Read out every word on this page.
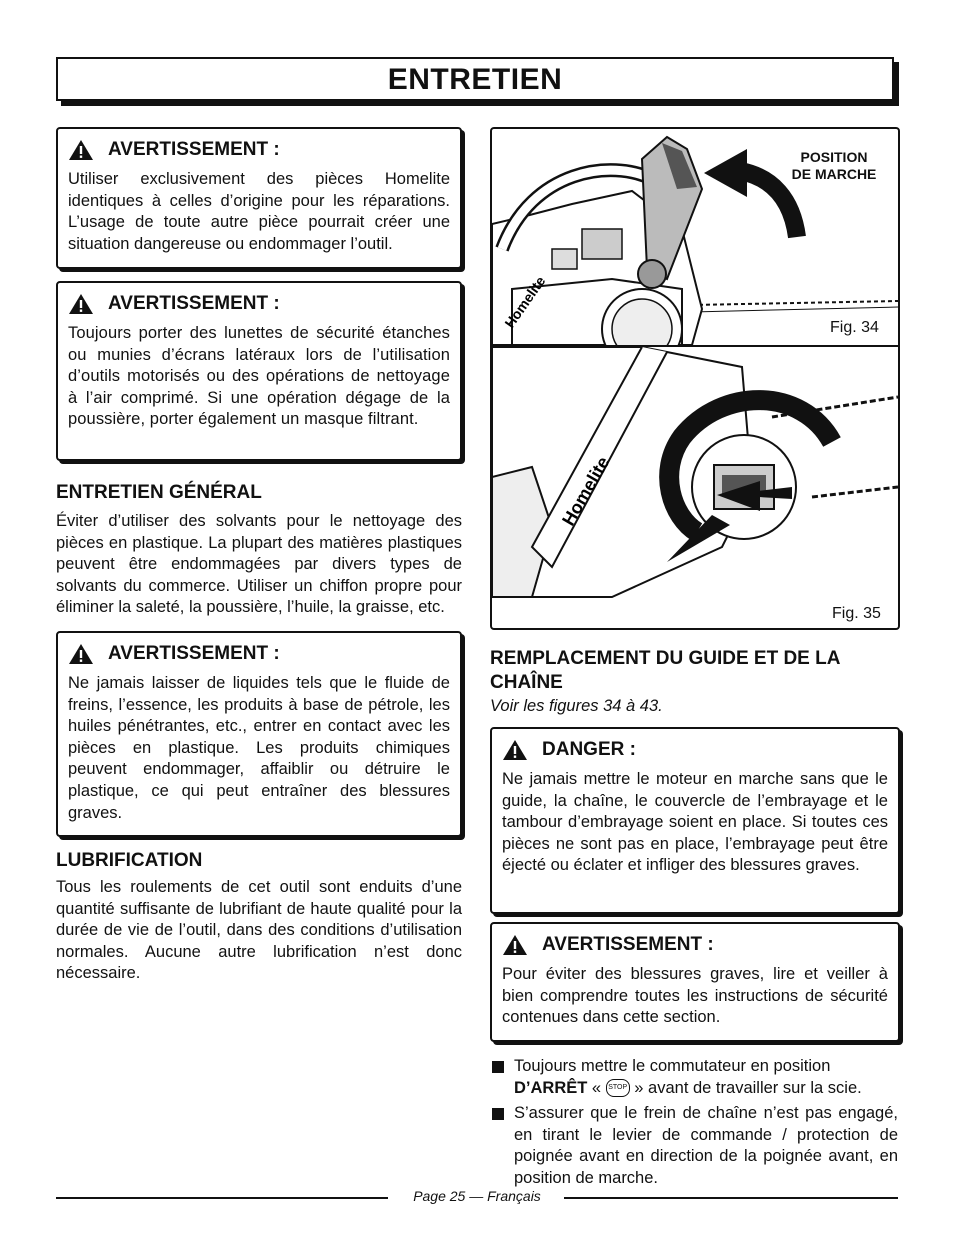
ENTRETIEN
AVERTISSEMENT :
Utiliser exclusivement des pièces Homelite identiques à celles d’origine pour les réparations. L’usage de toute autre pièce pourrait créer une situation dangereuse ou endommager l’outil.
AVERTISSEMENT :
Toujours porter des lunettes de sécurité étanches ou munies d’écrans latéraux lors de l’utilisation d’outils motorisés ou des opérations de nettoyage à l’air comprimé. Si une opération dégage de la poussière, porter également un masque filtrant.
ENTRETIEN GÉNÉRAL
Éviter d’utiliser des solvants pour le nettoyage des pièces en plastique. La plupart des matières plastiques peuvent être endommagées par divers types de solvants du commerce. Utiliser un chiffon propre pour éliminer la saleté, la poussière, l’huile, la graisse, etc.
AVERTISSEMENT :
Ne jamais laisser de liquides tels que le fluide de freins, l’essence, les produits à base de pétrole, les huiles pénétrantes, etc., entrer en contact avec les pièces en plastique. Les produits chimiques peuvent endommager, affaiblir ou détruire le plastique, ce qui peut entraîner des blessures graves.
LUBRIFICATION
Tous les roulements de cet outil sont enduits d’une quantité suffisante de lubrifiant de haute qualité pour la durée de vie de l’outil, dans des conditions d’utilisation normales. Aucune autre lubrification n’est donc nécessaire.
Homelite
POSITION
DE MARCHE
Fig. 34
Homelite
Fig. 35
REMPLACEMENT DU GUIDE ET DE LA CHAÎNE
Voir les figures 34 à 43.
DANGER :
Ne jamais mettre le moteur en marche sans que le guide, la chaîne, le couvercle de l’embrayage et le tambour d’embrayage soient en place. Si toutes ces pièces ne sont pas en place, l’embrayage peut être éjecté ou éclater et infliger des blessures graves.
AVERTISSEMENT :
Pour éviter des blessures graves, lire et veiller à bien comprendre toutes les instructions de sécurité contenues dans cette section.
Toujours mettre le commutateur en position
D’ARRÊT « STOP » avant de travailler sur la scie.
S’assurer que le frein de chaîne n’est pas engagé, en tirant le levier de commande / protection de poignée avant en direction de la poignée avant, en position de marche.
Page 25 — Français
